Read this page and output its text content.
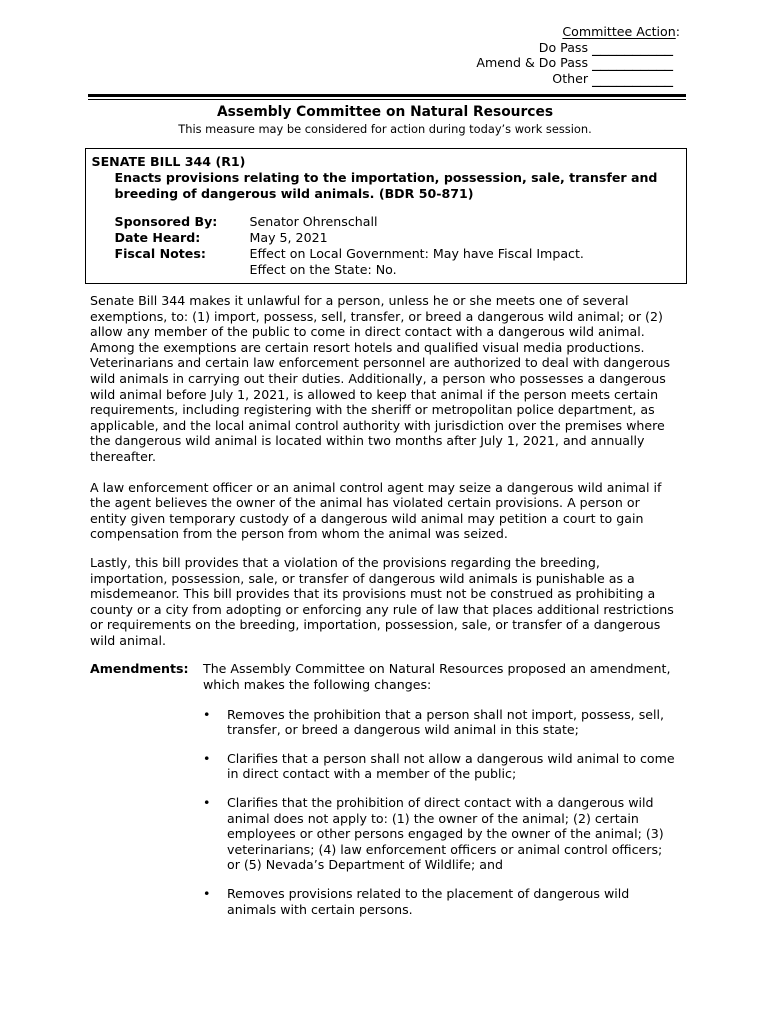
Committee Action:
Do Pass __________
Amend & Do Pass __________
Other __________
Assembly Committee on Natural Resources
This measure may be considered for action during today’s work session.
SENATE BILL 344 (R1)
Enacts provisions relating to the importation, possession, sale, transfer and
breeding of dangerous wild animals. (BDR 50-871)
Sponsored By:	Senator Ohrenschall
Date Heard:	May 5, 2021
Fiscal Notes:	Effect on Local Government: May have Fiscal Impact.
Effect on the State: No.
Senate Bill 344 makes it unlawful for a person, unless he or she meets one of several
exemptions, to: (1) import, possess, sell, transfer, or breed a dangerous wild animal; or (2)
allow any member of the public to come in direct contact with a dangerous wild animal.
Among the exemptions are certain resort hotels and qualified visual media productions.
Veterinarians and certain law enforcement personnel are authorized to deal with dangerous
wild animals in carrying out their duties. Additionally, a person who possesses a dangerous
wild animal before July 1, 2021, is allowed to keep that animal if the person meets certain
requirements, including registering with the sheriff or metropolitan police department, as
applicable, and the local animal control authority with jurisdiction over the premises where
the dangerous wild animal is located within two months after July 1, 2021, and annually
thereafter.
A law enforcement officer or an animal control agent may seize a dangerous wild animal if
the agent believes the owner of the animal has violated certain provisions. A person or
entity given temporary custody of a dangerous wild animal may petition a court to gain
compensation from the person from whom the animal was seized.
Lastly, this bill provides that a violation of the provisions regarding the breeding,
importation, possession, sale, or transfer of dangerous wild animals is punishable as a
misdemeanor. This bill provides that its provisions must not be construed as prohibiting a
county or a city from adopting or enforcing any rule of law that places additional restrictions
or requirements on the breeding, importation, possession, sale, or transfer of a dangerous
wild animal.
Amendments:	The Assembly Committee on Natural Resources proposed an amendment,
which makes the following changes:
•	Removes the prohibition that a person shall not import, possess, sell,
transfer, or breed a dangerous wild animal in this state;
•	Clarifies that a person shall not allow a dangerous wild animal to come
in direct contact with a member of the public;
•	Clarifies that the prohibition of direct contact with a dangerous wild
animal does not apply to: (1) the owner of the animal; (2) certain
employees or other persons engaged by the owner of the animal; (3)
veterinarians; (4) law enforcement officers or animal control officers;
or (5) Nevada’s Department of Wildlife; and
•	Removes provisions related to the placement of dangerous wild
animals with certain persons.
